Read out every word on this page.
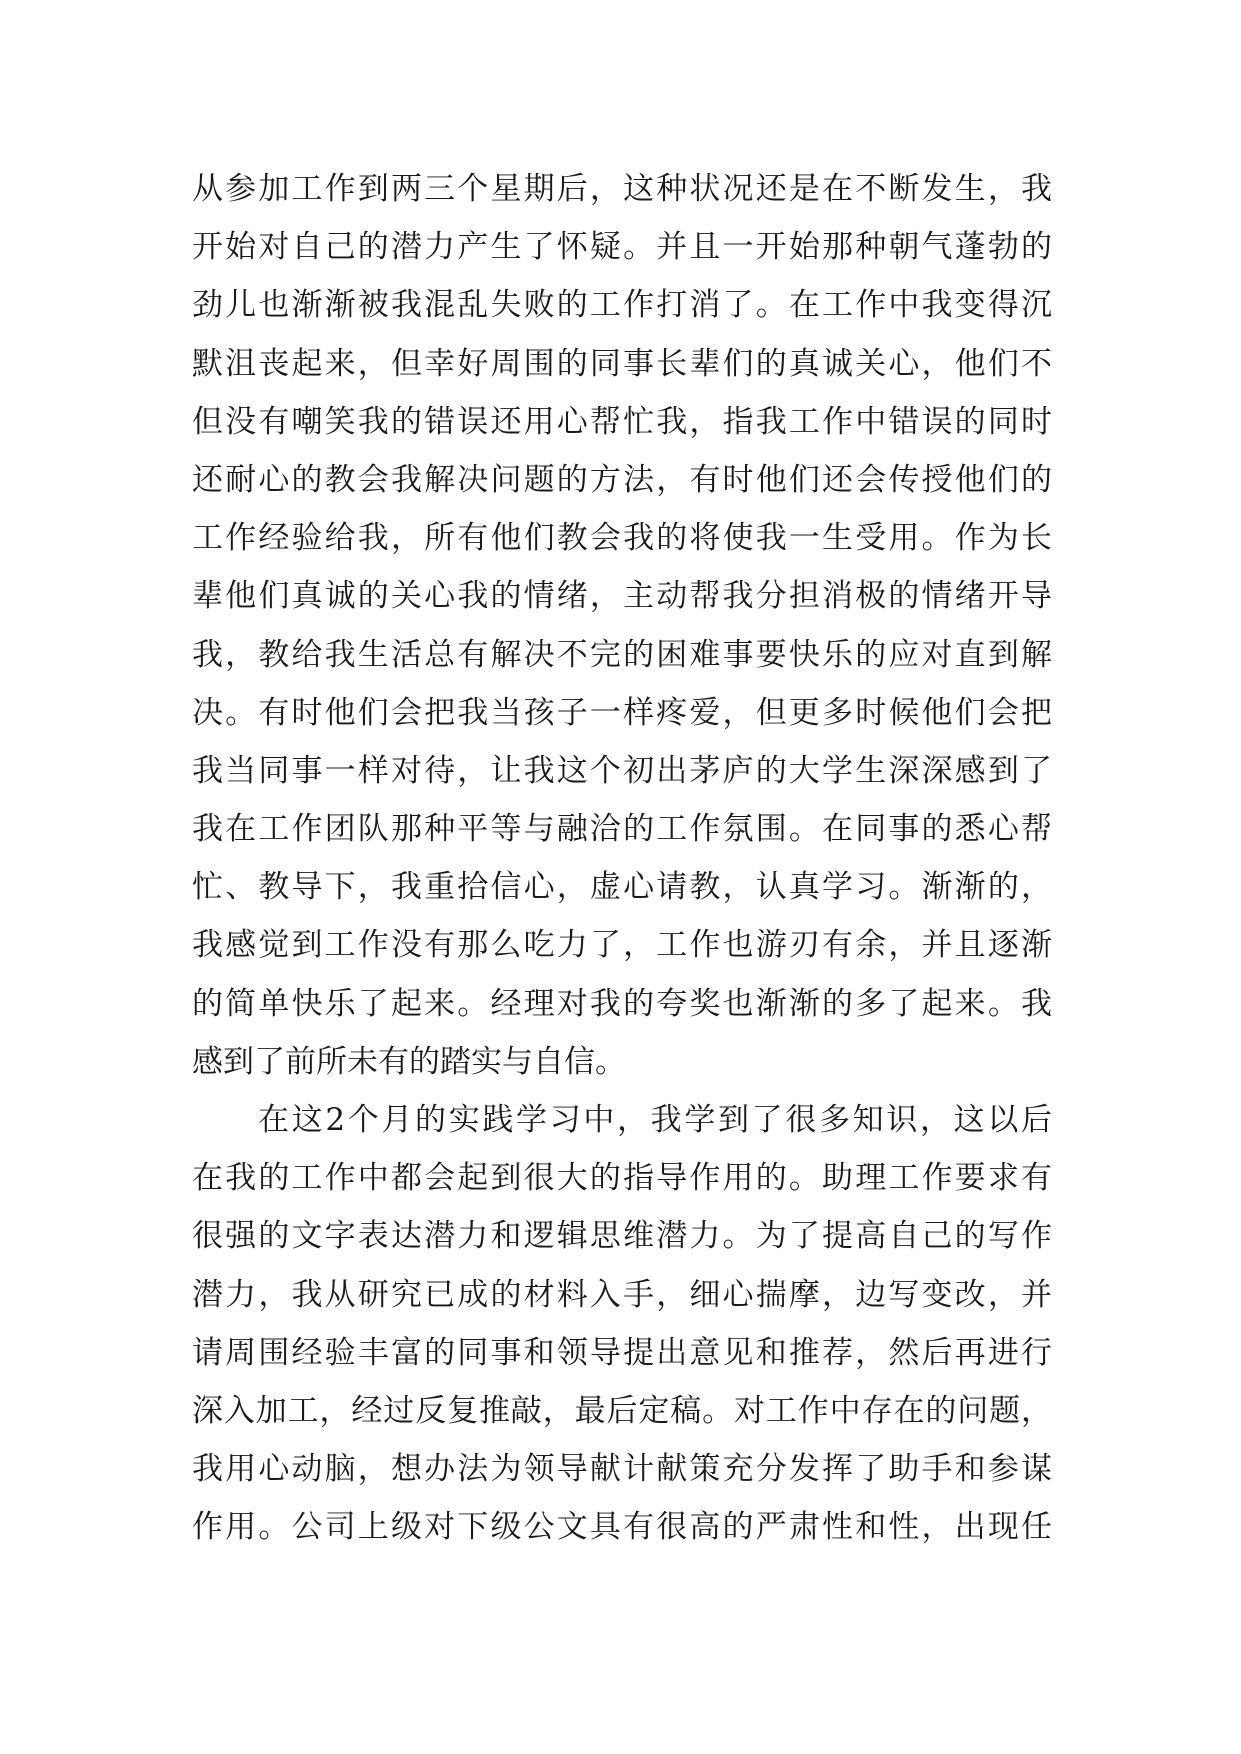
从参加工作到两三个星期后，这种状况还是在不断发生，我
开始对自己的潜力产生了怀疑。并且一开始那种朝气蓬勃的
劲儿也渐渐被我混乱失败的工作打消了。在工作中我变得沉
默沮丧起来，但幸好周围的同事长辈们的真诚关心，他们不
但没有嘲笑我的错误还用心帮忙我，指我工作中错误的同时
还耐心的教会我解决问题的方法，有时他们还会传授他们的
工作经验给我，所有他们教会我的将使我一生受用。作为长
辈他们真诚的关心我的情绪，主动帮我分担消极的情绪开导
我，教给我生活总有解决不完的困难事要快乐的应对直到解
决。有时他们会把我当孩子一样疼爱，但更多时候他们会把
我当同事一样对待，让我这个初出茅庐的大学生深深感到了
我在工作团队那种平等与融洽的工作氛围。在同事的悉心帮
忙、教导下，我重拾信心，虚心请教，认真学习。渐渐的，
我感觉到工作没有那么吃力了，工作也游刃有余，并且逐渐
的简单快乐了起来。经理对我的夸奖也渐渐的多了起来。我
感到了前所未有的踏实与自信。
在这2个月的实践学习中，我学到了很多知识，这以后
在我的工作中都会起到很大的指导作用的。助理工作要求有
很强的文字表达潜力和逻辑思维潜力。为了提高自己的写作
潜力，我从研究已成的材料入手，细心揣摩，边写变改，并
请周围经验丰富的同事和领导提出意见和推荐，然后再进行
深入加工，经过反复推敲，最后定稿。对工作中存在的问题，
我用心动脑，想办法为领导献计献策充分发挥了助手和参谋
作用。公司上级对下级公文具有很高的严肃性和性，出现任
